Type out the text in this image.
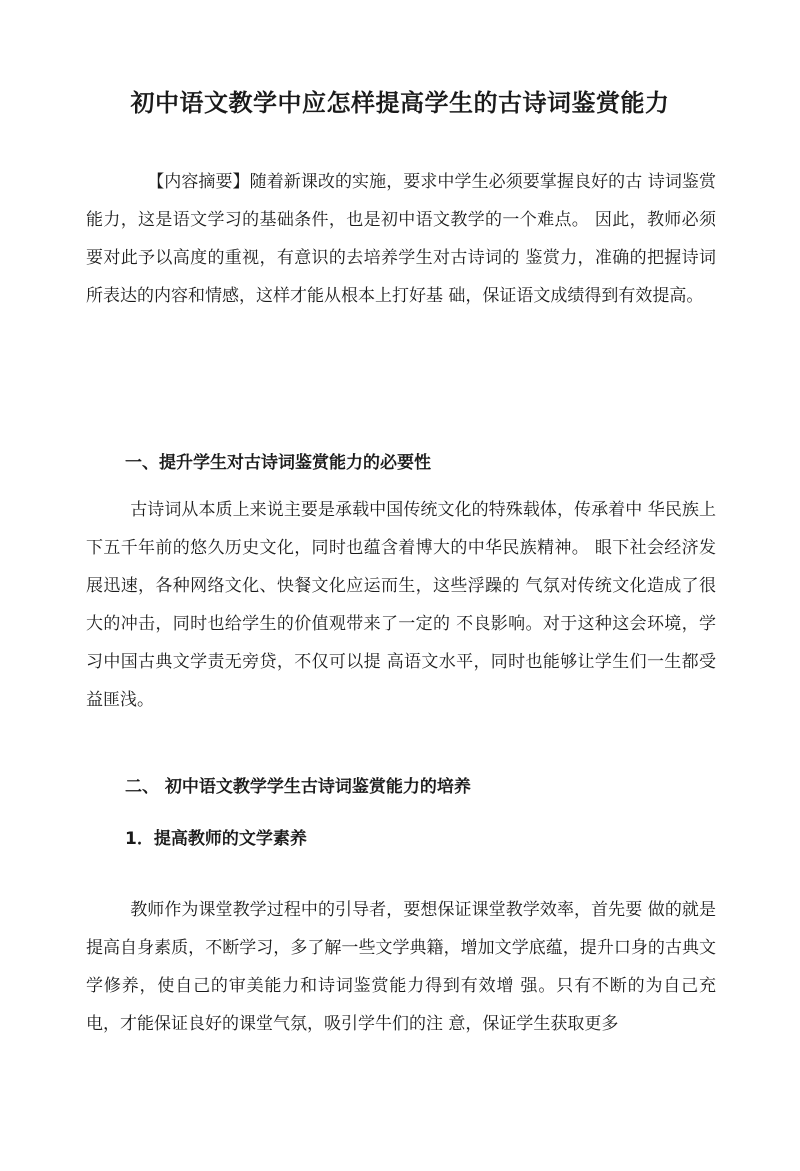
初中语文教学中应怎样提高学生的古诗词鉴赏能力

【内容摘要】随着新课改的实施，要求中学生必须要掌握良好的古 诗词鉴赏能力，这是语文学习的基础条件，也是初中语文教学的一个难点。 因此，教师必须要对此予以高度的重视，有意识的去培养学生对古诗词的 鉴赏力，准确的把握诗词所表达的内容和情感，这样才能从根本上打好基 础，保证语文成绩得到有效提高。

一、提升学生对古诗词鉴赏能力的必要性

古诗词从本质上来说主要是承载中国传统文化的特殊载体，传承着中 华民族上下五千年前的悠久历史文化，同时也蕴含着博大的中华民族精神。 眼下社会经济发展迅速，各种网络文化、快餐文化应运而生，这些浮躁的 气氛对传统文化造成了很大的冲击，同时也给学生的价值观带来了一定的 不良影响。对于这种这会环境，学习中国古典文学责无旁贷，不仅可以提 高语文水平，同时也能够让学生们一生都受益匪浅。

二、 初中语文教学学生古诗词鉴赏能力的培养
1．提高教师的文学素养

教师作为课堂教学过程中的引导者，要想保证课堂教学效率，首先要 做的就是提高自身素质，不断学习，多了解一些文学典籍，增加文学底蕴，提升口身的古典文学修养，使自己的审美能力和诗词鉴赏能力得到有效增 强。只有不断的为自己充电，才能保证良好的课堂气氛，吸引学牛们的注 意，保证学生获取更多
